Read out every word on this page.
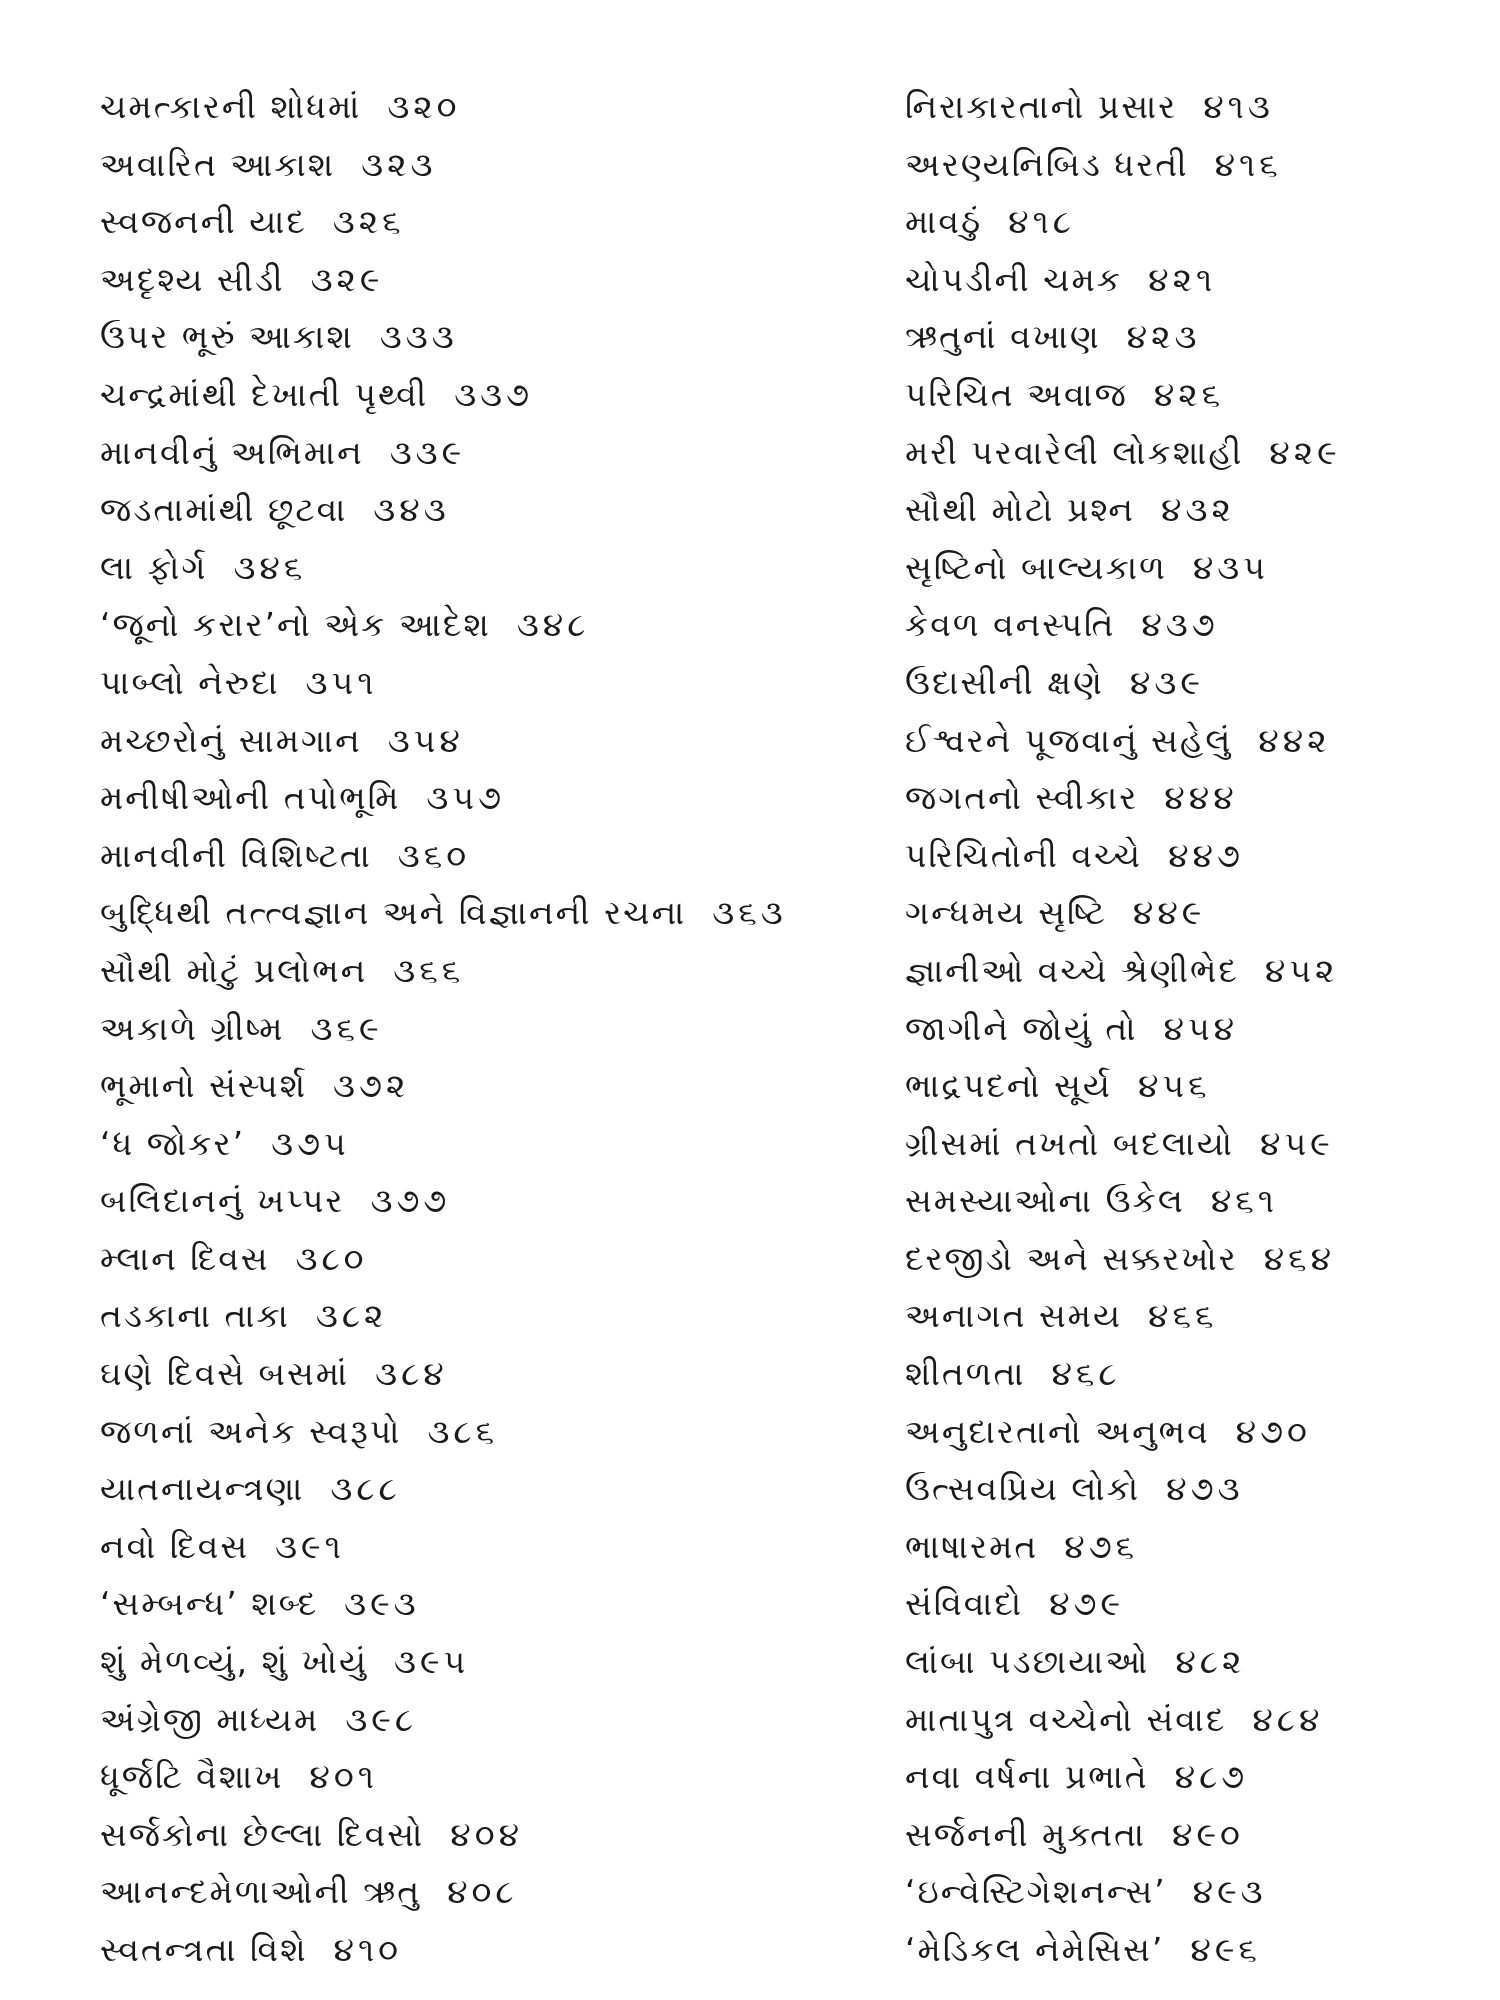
ચમત્કારની શોધમાં ૩૨૦
અવારિત આકાશ ૩૨૩
સ્વજનની યાદ ૩૨૬
અદૃશ્ય સીડી ૩૨૯
ઉપર ભૂરું આકાશ ૩૩૩
ચન્દ્રમાંથી દેખાતી પૃથ્વી ૩૩૭
માનવીનું અભિમાન ૩૩૯
જડતામાંથી છૂટવા ૩૪૩
લા ફોર્ગ ૩૪૬
‘જૂનો કરાર’નો એક આદેશ ૩૪૮
પાબ્લો નેરુદા ૩૫૧
મચ્છરોનું સામગાન ૩૫૪
મનીષીઓની તપોભૂમિ ૩૫૭
માનવીની વિશિષ્ટતા ૩૬૦
બુદ્ધિથી તત્ત્વજ્ઞાન અને વિજ્ઞાનની રચના ૩૬૩
સૌથી મોટું પ્રલોભન ૩૬૬
અકાળે ગ્રીષ્મ ૩૬૯
ભૂમાનો સંસ્પર્શ ૩૭૨
‘ધ જોકર’ ૩૭૫
બલિદાનનું ખપ્પર ૩૭૭
મ્લાન દિવસ ૩૮૦
તડકાના તાકા ૩૮૨
ઘણે દિવસે બસમાં ૩૮૪
જળનાં અનેક સ્વરૂપો ૩૮૬
યાતનાયન્ત્રણા ૩૮૮
નવો દિવસ ૩૯૧
‘સમ્બન્ધ’ શબ્દ ૩૯૩
શું મેળવ્યું, શું ખોયું ૩૯૫
અંગ્રેજી માધ્યમ ૩૯૮
ધૂર્જટિ વૈશાખ ૪૦૧
સર્જકોના છેલ્લા દિવસો ૪૦૪
આનન્દમેળાઓની ઋતુ ૪૦૮
સ્વતન્ત્રતા વિશે ૪૧૦
નિરાકારતાનો પ્રસાર ૪૧૩
અરણ્યનિબિડ ધરતી ૪૧૬
માવઠું ૪૧૮
ચોપડીની ચમક ૪૨૧
ઋતુનાં વખાણ ૪૨૩
પરિચિત અવાજ ૪૨૬
મરી પરવારેલી લોકશાહી ૪૨૯
સૌથી મોટો પ્રશ્ન ૪૩૨
સૃષ્ટિનો બાલ્યકાળ ૪૩૫
કેવળ વનસ્પતિ ૪૩૭
ઉદાસીની ક્ષણે ૪૩૯
ઈશ્વરને પૂજવાનું સહેલું ૪૪૨
જગતનો સ્વીકાર ૪૪૪
પરિચિતોની વચ્ચે ૪૪૭
ગન્ધમય સૃષ્ટિ ૪૪૯
જ્ઞાનીઓ વચ્ચે શ્રેણીભેદ ૪૫૨
જાગીને જોયું તો ૪૫૪
ભાદ્રપદનો સૂર્ય ૪૫૬
ગ્રીસમાં તખતો બદલાયો ૪૫૯
સમસ્યાઓના ઉકેલ ૪૬૧
દરજીડો અને સક્કરખોર ૪૬૪
અનાગત સમય ૪૬૬
શીતળતા ૪૬૮
અનુદારતાનો અનુભવ ૪૭૦
ઉત્સવપ્રિય લોકો ૪૭૩
ભાષારમત ૪૭૬
સંવિવાદો ૪૭૯
લાંબા પડછાયાઓ ૪૮૨
માતાપુત્ર વચ્ચેનો સંવાદ ૪૮૪
નવા વર્ષના પ્રભાતે ૪૮૭
સર્જનની મુક્તતા ૪૯૦
‘ઇન્વેસ્ટિગેશનન્સ’ ૪૯૩
‘મેડિકલ નેમેસિસ’ ૪૯૬
